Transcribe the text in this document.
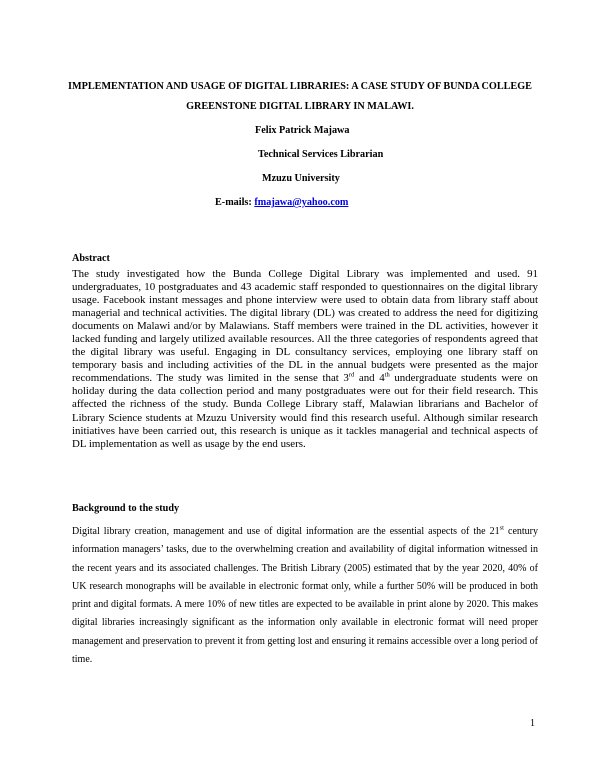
IMPLEMENTATION AND USAGE OF DIGITAL LIBRARIES: A CASE STUDY OF BUNDA COLLEGE GREENSTONE DIGITAL LIBRARY IN MALAWI.
Felix Patrick Majawa
Technical Services Librarian
Mzuzu University
E-mails: fmajawa@yahoo.com
Abstract

The study investigated how the Bunda College Digital Library was implemented and used. 91 undergraduates, 10 postgraduates and 43 academic staff responded to questionnaires on the digital library usage. Facebook instant messages and phone interview were used to obtain data from library staff about managerial and technical activities. The digital library (DL) was created to address the need for digitizing documents on Malawi and/or by Malawians. Staff members were trained in the DL activities, however it lacked funding and largely utilized available resources. All the three categories of respondents agreed that the digital library was useful. Engaging in DL consultancy services, employing one library staff on temporary basis and including activities of the DL in the annual budgets were presented as the major recommendations. The study was limited in the sense that 3rd and 4th undergraduate students were on holiday during the data collection period and many postgraduates were out for their field research. This affected the richness of the study. Bunda College Library staff, Malawian librarians and Bachelor of Library Science students at Mzuzu University would find this research useful. Although similar research initiatives have been carried out, this research is unique as it tackles managerial and technical aspects of DL implementation as well as usage by the end users.

Background to the study

Digital library creation, management and use of digital information are the essential aspects of the 21st century information managers’ tasks, due to the overwhelming creation and availability of digital information witnessed in the recent years and its associated challenges. The British Library (2005) estimated that by the year 2020, 40% of UK research monographs will be available in electronic format only, while a further 50% will be produced in both print and digital formats. A mere 10% of new titles are expected to be available in print alone by 2020. This makes digital libraries increasingly significant as the information only available in electronic format will need proper management and preservation to prevent it from getting lost and ensuring it remains accessible over a long period of time.

1
